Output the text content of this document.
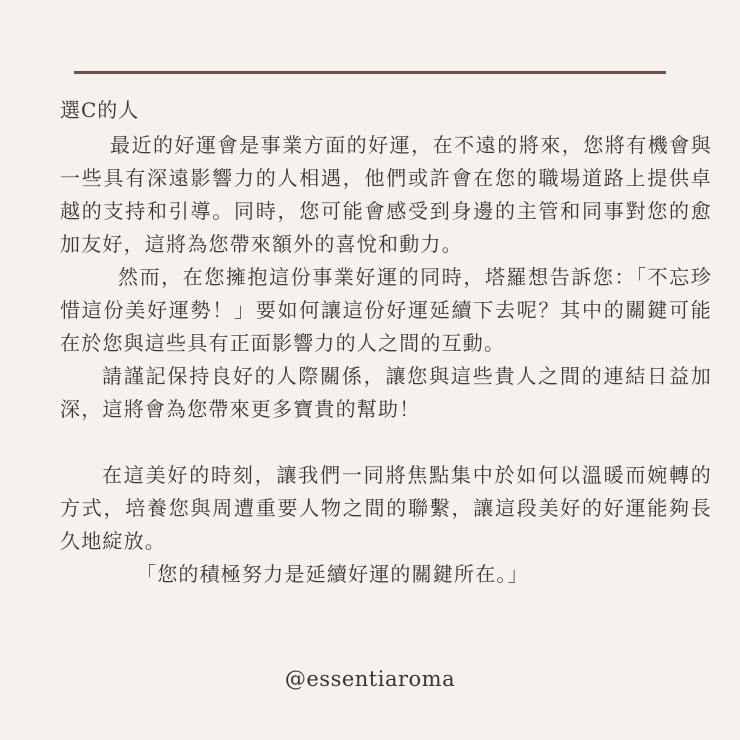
選C的人

最近的好運會是事業方面的好運，在不遠的將來，您將有機會與一些具有深遠影響力的人相遇，他們或許會在您的職場道路上提供卓越的支持和引導。同時，您可能會感受到身邊的主管和同事對您的愈加友好，這將為您帶來額外的喜悅和動力。

然而，在您擁抱這份事業好運的同時，塔羅想告訴您：「不忘珍惜這份美好運勢！」要如何讓這份好運延續下去呢？其中的關鍵可能在於您與這些具有正面影響力的人之間的互動。

請謹記保持良好的人際關係，讓您與這些貴人之間的連結日益加深，這將會為您帶來更多寶貴的幫助！

在這美好的時刻，讓我們一同將焦點集中於如何以溫暖而婉轉的方式，培養您與周遭重要人物之間的聯繫，讓這段美好的好運能夠長久地綻放。

「您的積極努力是延續好運的關鍵所在。」

@essentiaroma
